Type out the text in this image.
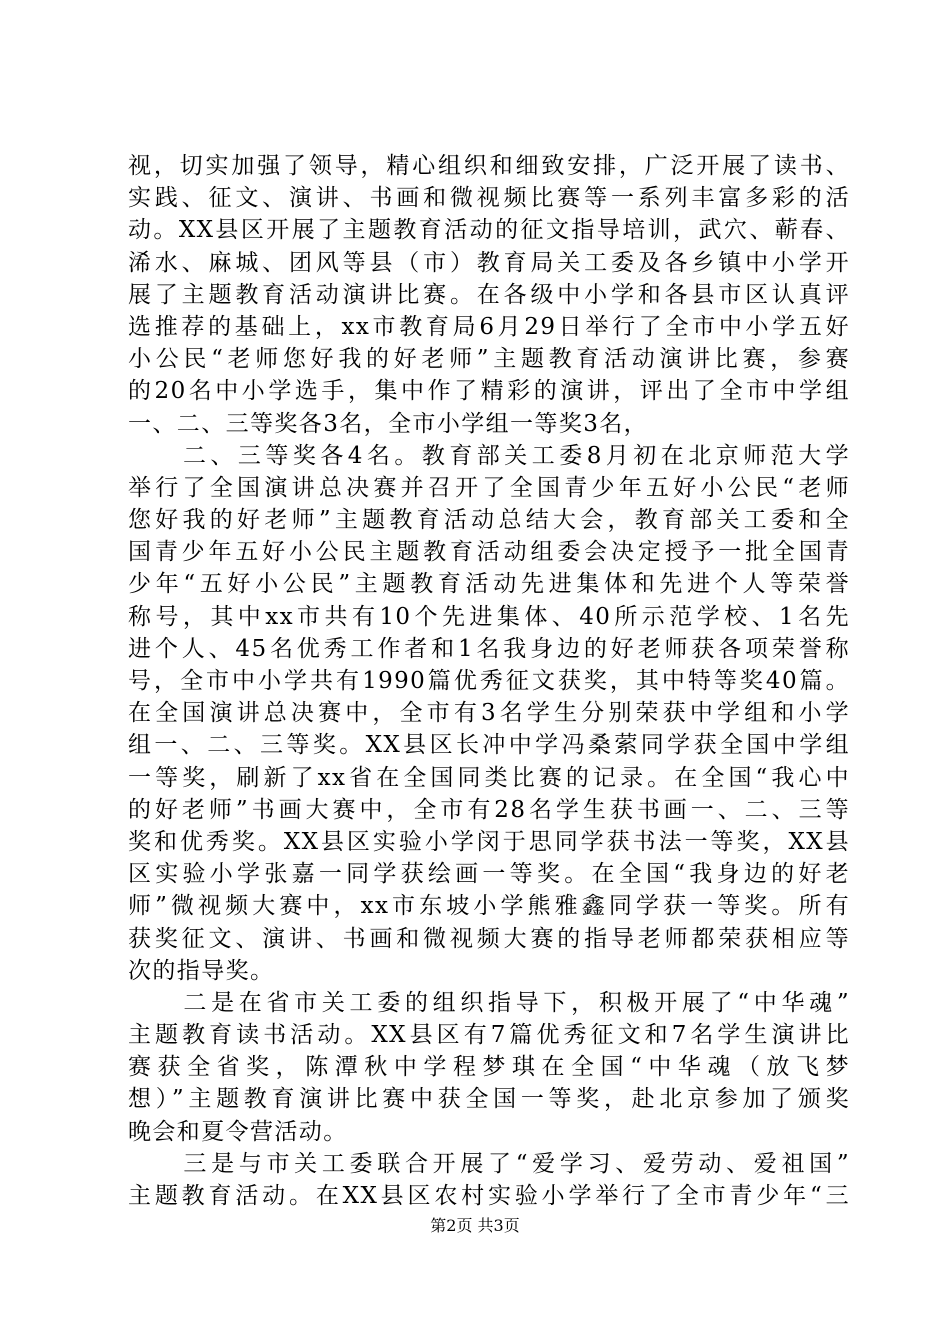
视，切实加强了领导，精心组织和细致安排，广泛开展了读书、
实践、征文、演讲、书画和微视频比赛等一系列丰富多彩的活
动。XX县区开展了主题教育活动的征文指导培训，武穴、蕲春、
浠水、麻城、团风等县（市）教育局关工委及各乡镇中小学开
展了主题教育活动演讲比赛。在各级中小学和各县市区认真评
选推荐的基础上，xx市教育局6月29日举行了全市中小学五好
小公民“老师您好我的好老师”主题教育活动演讲比赛，参赛
的20名中小学选手，集中作了精彩的演讲，评出了全市中学组
一、二、三等奖各3名，全市小学组一等奖3名，
　　二、三等奖各4名。教育部关工委8月初在北京师范大学
举行了全国演讲总决赛并召开了全国青少年五好小公民“老师
您好我的好老师”主题教育活动总结大会，教育部关工委和全
国青少年五好小公民主题教育活动组委会决定授予一批全国青
少年“五好小公民”主题教育活动先进集体和先进个人等荣誉
称号，其中xx市共有10个先进集体、40所示范学校、1名先
进个人、45名优秀工作者和1名我身边的好老师获各项荣誉称
号，全市中小学共有1990篇优秀征文获奖，其中特等奖40篇。
在全国演讲总决赛中，全市有3名学生分别荣获中学组和小学
组一、二、三等奖。XX县区长冲中学冯桑萦同学获全国中学组
一等奖，刷新了xx省在全国同类比赛的记录。在全国“我心中
的好老师”书画大赛中，全市有28名学生获书画一、二、三等
奖和优秀奖。XX县区实验小学闵于思同学获书法一等奖，XX县
区实验小学张嘉一同学获绘画一等奖。在全国“我身边的好老
师”微视频大赛中，xx市东坡小学熊雅鑫同学获一等奖。所有
获奖征文、演讲、书画和微视频大赛的指导老师都荣获相应等
次的指导奖。
　　二是在省市关工委的组织指导下，积极开展了“中华魂”
主题教育读书活动。XX县区有7篇优秀征文和7名学生演讲比
赛获全省奖，陈潭秋中学程梦琪在全国“中华魂（放飞梦
想）”主题教育演讲比赛中获全国一等奖，赴北京参加了颁奖
晚会和夏令营活动。
　　三是与市关工委联合开展了“爱学习、爱劳动、爱祖国”
主题教育活动。在XX县区农村实验小学举行了全市青少年“三
第2页 共3页
